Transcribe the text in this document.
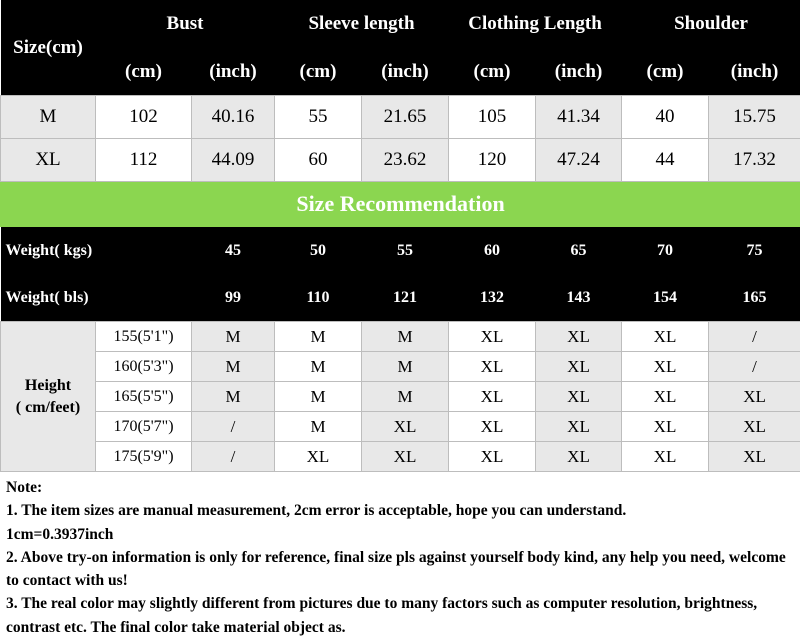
Size(cm)	Bust		Sleeve length		Clothing Length		Shoulder	
	(cm)	(inch)	(cm)	(inch)	(cm)	(inch)	(cm)	(inch)
M	102	40.16	55	21.65	105	41.34	40	15.75
XL	112	44.09	60	23.62	120	47.24	44	17.32
Size Recommendation								
Weight( kgs)		45	50	55	60	65	70	75
Weight( bls)		99	110	121	132	143	154	165
Height
( cm/feet)	155(5'1")	M	M	M	XL	XL	XL	/
	160(5'3")	M	M	M	XL	XL	XL	/
	165(5'5")	M	M	M	XL	XL	XL	XL
	170(5'7")	/	M	XL	XL	XL	XL	XL
	175(5'9")	/	XL	XL	XL	XL	XL	XL

Note:

1. The item sizes are manual measurement, 2cm error is acceptable, hope you can understand.

1cm=0.3937inch

2. Above try-on information is only for reference, final size pls against yourself body kind, any help you need, welcome to contact with us!

3. The real color may slightly different from pictures due to many factors such as computer resolution, brightness, contrast etc. The final color take material object as.
